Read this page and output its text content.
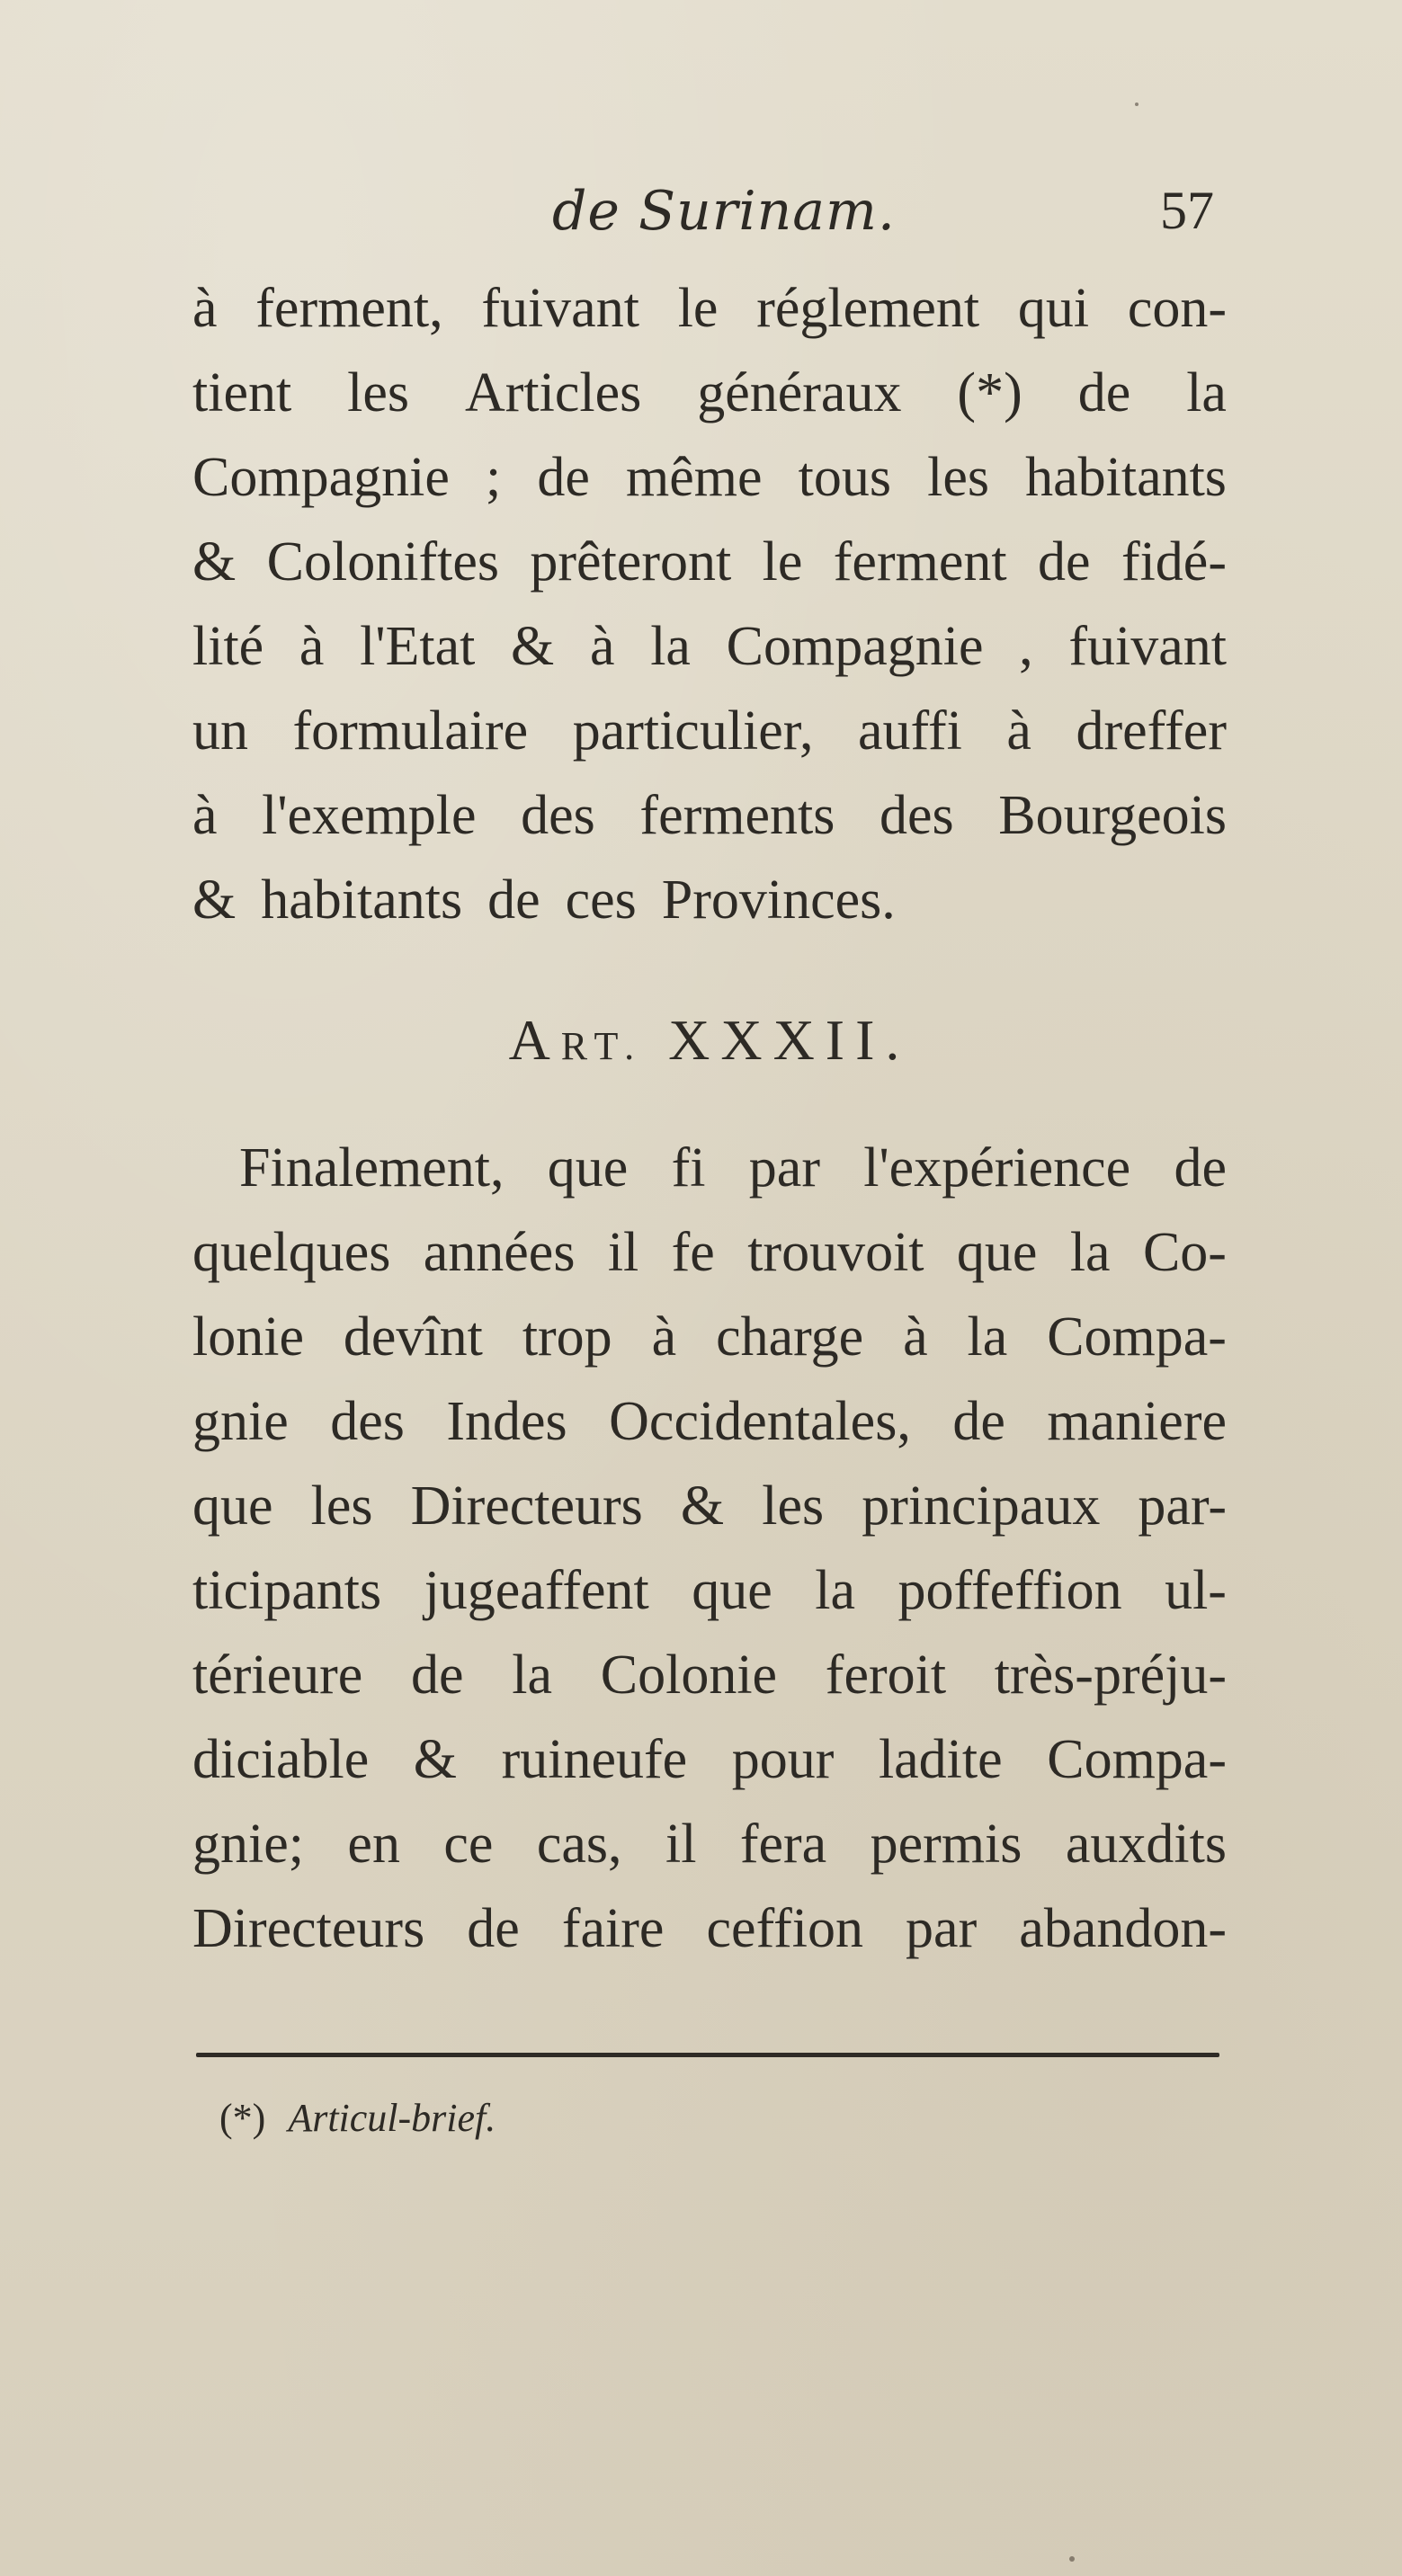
de Surinam.	57
à ferment, fuivant le réglement qui con-
tient les Articles généraux (*) de la
Compagnie ; de même tous les habitants
& Coloniftes prêteront le ferment de fidé-
lité à l'Etat & à la Compagnie , fuivant
un formulaire particulier, auffi à dreffer
à l'exemple des ferments des Bourgeois
& habitants de ces Provinces.
ART. XXXII.
Finalement, que fi par l'expérience de
quelques années il fe trouvoit que la Co-
lonie devînt trop à charge à la Compa-
gnie des Indes Occidentales, de maniere
que les Directeurs & les principaux par-
ticipants jugeaffent que la poffeffion ul-
térieure de la Colonie feroit très-préju-
diciable & ruineufe pour ladite Compa-
gnie; en ce cas, il fera permis auxdits
Directeurs de faire ceffion par abandon-
(*) Articul-brief.
